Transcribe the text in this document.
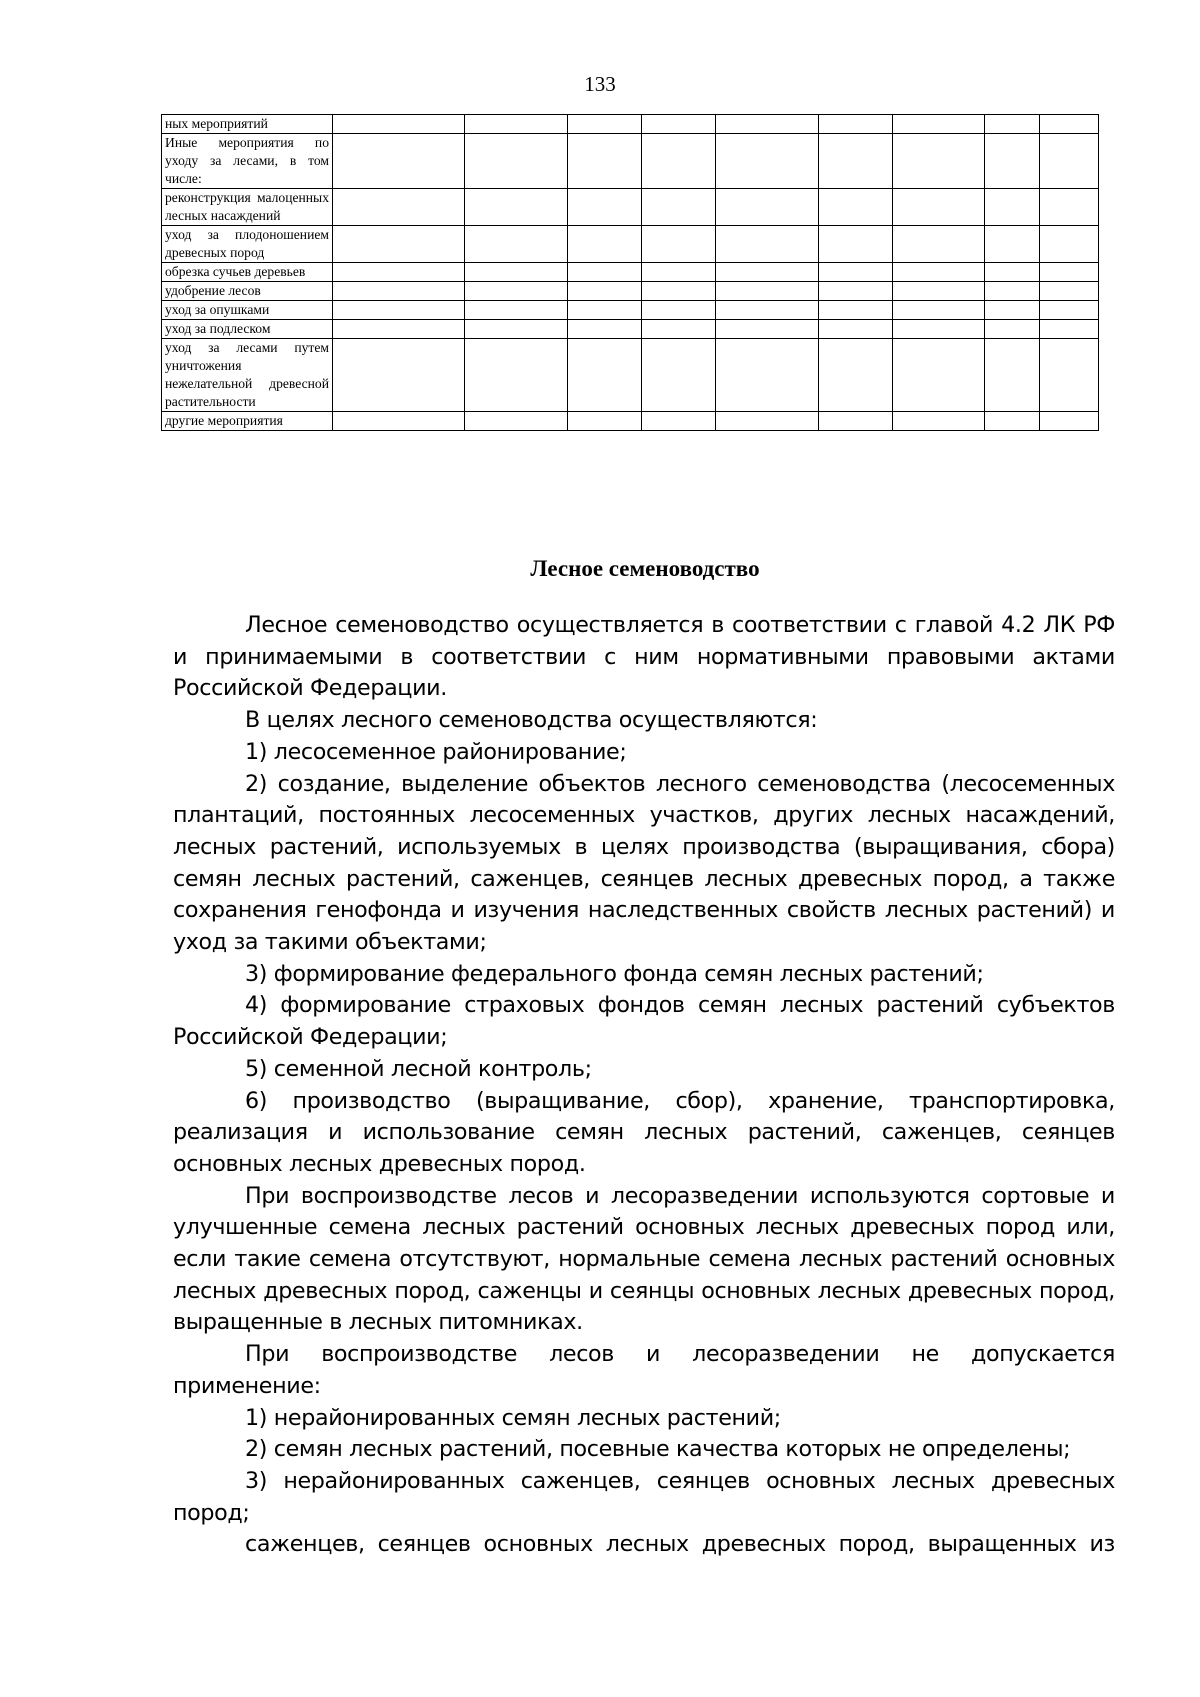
133
ных мероприятий									
Иные мероприятия по уходу за лесами, в том числе:									
реконструкция малоценных лесных насаждений									
уход за плодоношением древесных пород									
обрезка сучьев деревьев									
удобрение лесов									
уход за опушками									
уход за подлеском									
уход за лесами путем уничтожения нежелательной древесной растительности									
другие мероприятия									
Лесное семеноводство

Лесное семеноводство осуществляется в соответствии с главой 4.2 ЛК РФ и принимаемыми в соответствии с ним нормативными правовыми актами Российской Федерации.

В целях лесного семеноводства осуществляются:

1) лесосеменное районирование;

2) создание, выделение объектов лесного семеноводства (лесосеменных плантаций, постоянных лесосеменных участков, других лесных насаждений, лесных растений, используемых в целях производства (выращивания, сбора) семян лесных растений, саженцев, сеянцев лесных древесных пород, а также сохранения генофонда и изучения наследственных свойств лесных растений) и уход за такими объектами;

3) формирование федерального фонда семян лесных растений;

4) формирование страховых фондов семян лесных растений субъектов Российской Федерации;

5) семенной лесной контроль;

6) производство (выращивание, сбор), хранение, транспортировка, реализация и использование семян лесных растений, саженцев, сеянцев основных лесных древесных пород.

При воспроизводстве лесов и лесоразведении используются сортовые и улучшенные семена лесных растений основных лесных древесных пород или, если такие семена отсутствуют, нормальные семена лесных растений основных лесных древесных пород, саженцы и сеянцы основных лесных древесных пород, выращенные в лесных питомниках.

При воспроизводстве лесов и лесоразведении не допускается применение:

1) нерайонированных семян лесных растений;

2) семян лесных растений, посевные качества которых не определены;

3) нерайонированных саженцев, сеянцев основных лесных древесных пород;

саженцев, сеянцев основных лесных древесных пород, выращенных из
